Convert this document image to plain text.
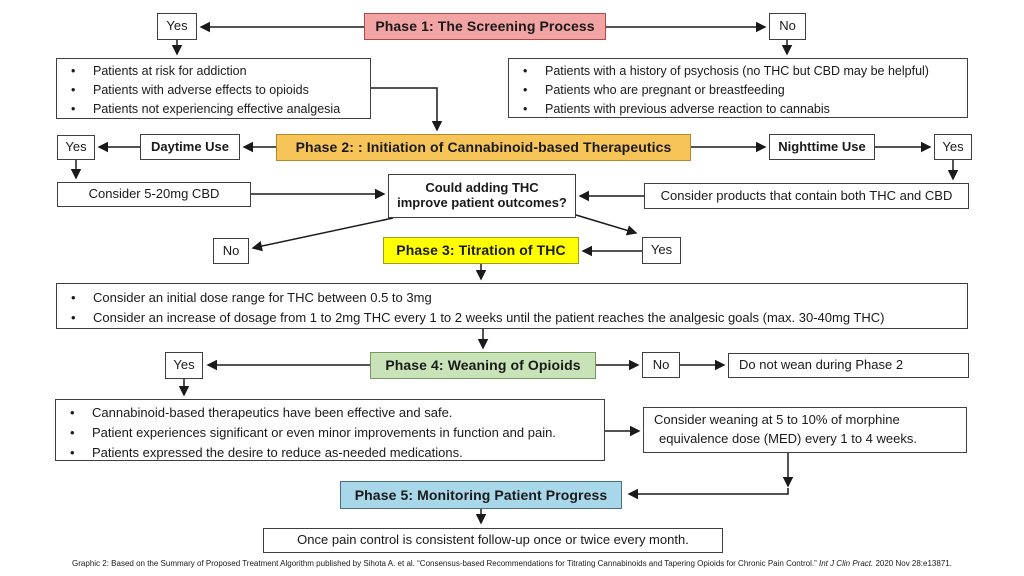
Yes	Phase 1: The Screening Process	No
• Patients at risk for addiction
• Patients with adverse effects to opioids
• Patients not experiencing effective analgesia
• Patients with a history of psychosis (no THC but CBD may be helpful)
• Patients who are pregnant or breastfeeding
• Patients with previous adverse reaction to cannabis
Yes	Daytime Use	Phase 2: : Initiation of Cannabinoid-based Therapeutics	Nighttime Use	Yes
Consider 5-20mg CBD	Could adding THC
improve patient outcomes?	Consider products that contain both THC and CBD
No	Phase 3: Titration of THC	Yes
• Consider an initial dose range for THC between 0.5 to 3mg
• Consider an increase of dosage from 1 to 2mg THC every 1 to 2 weeks until the patient reaches the analgesic goals (max. 30-40mg THC)
Yes	Phase 4: Weaning of Opioids	No	Do not wean during Phase 2
• Cannabinoid-based therapeutics have been effective and safe.
• Patient experiences significant or even minor improvements in function and pain.
• Patients expressed the desire to reduce as-needed medications.
Consider weaning at 5 to 10% of morphine
equivalence dose (MED) every 1 to 4 weeks.
Phase 5: Monitoring Patient Progress
Once pain control is consistent follow-up once or twice every month.
Graphic 2: Based on the Summary of Proposed Treatment Algorithm published by Sihota A. et al. “Consensus-based Recommendations for Titrating Cannabinoids and Tapering Opioids for Chronic Pain Control.” Int J Clin Pract. 2020 Nov 28:e13871.
